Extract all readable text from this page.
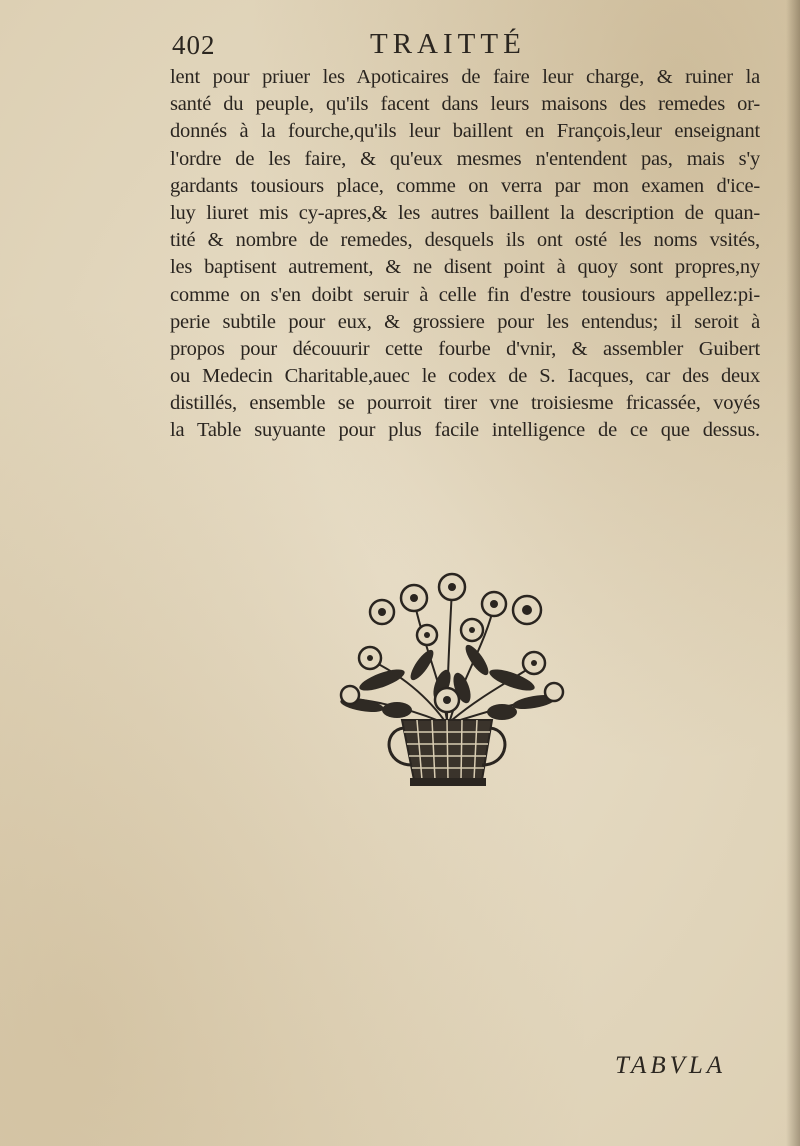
402	TRAITTÉ
lent pour priuer les Apoticaires de faire leur charge, & ruiner la
santé du peuple, qu'ils facent dans leurs maisons des remedes or-
donnés à la fourche,qu'ils leur baillent en François,leur enseignant
l'ordre de les faire, & qu'eux mesmes n'entendent pas, mais s'y
gardants tousiours place, comme on verra par mon examen d'ice-
luy liuret mis cy-apres,& les autres baillent la description de quan-
tité & nombre de remedes, desquels ils ont osté les noms vsités,
les baptisent autrement, & ne disent point à quoy sont propres,ny
comme on s'en doibt seruir à celle fin d'estre tousiours appellez:pi-
perie subtile pour eux, & grossiere pour les entendus; il seroit à
propos pour découurir cette fourbe d'vnir, & assembler Guibert
ou Medecin Charitable,auec le codex de S. Iacques, car des deux
distillés, ensemble se pourroit tirer vne troisiesme fricassée, voyés
la Table suyuante pour plus facile intelligence de ce que dessus.
TABVLA
